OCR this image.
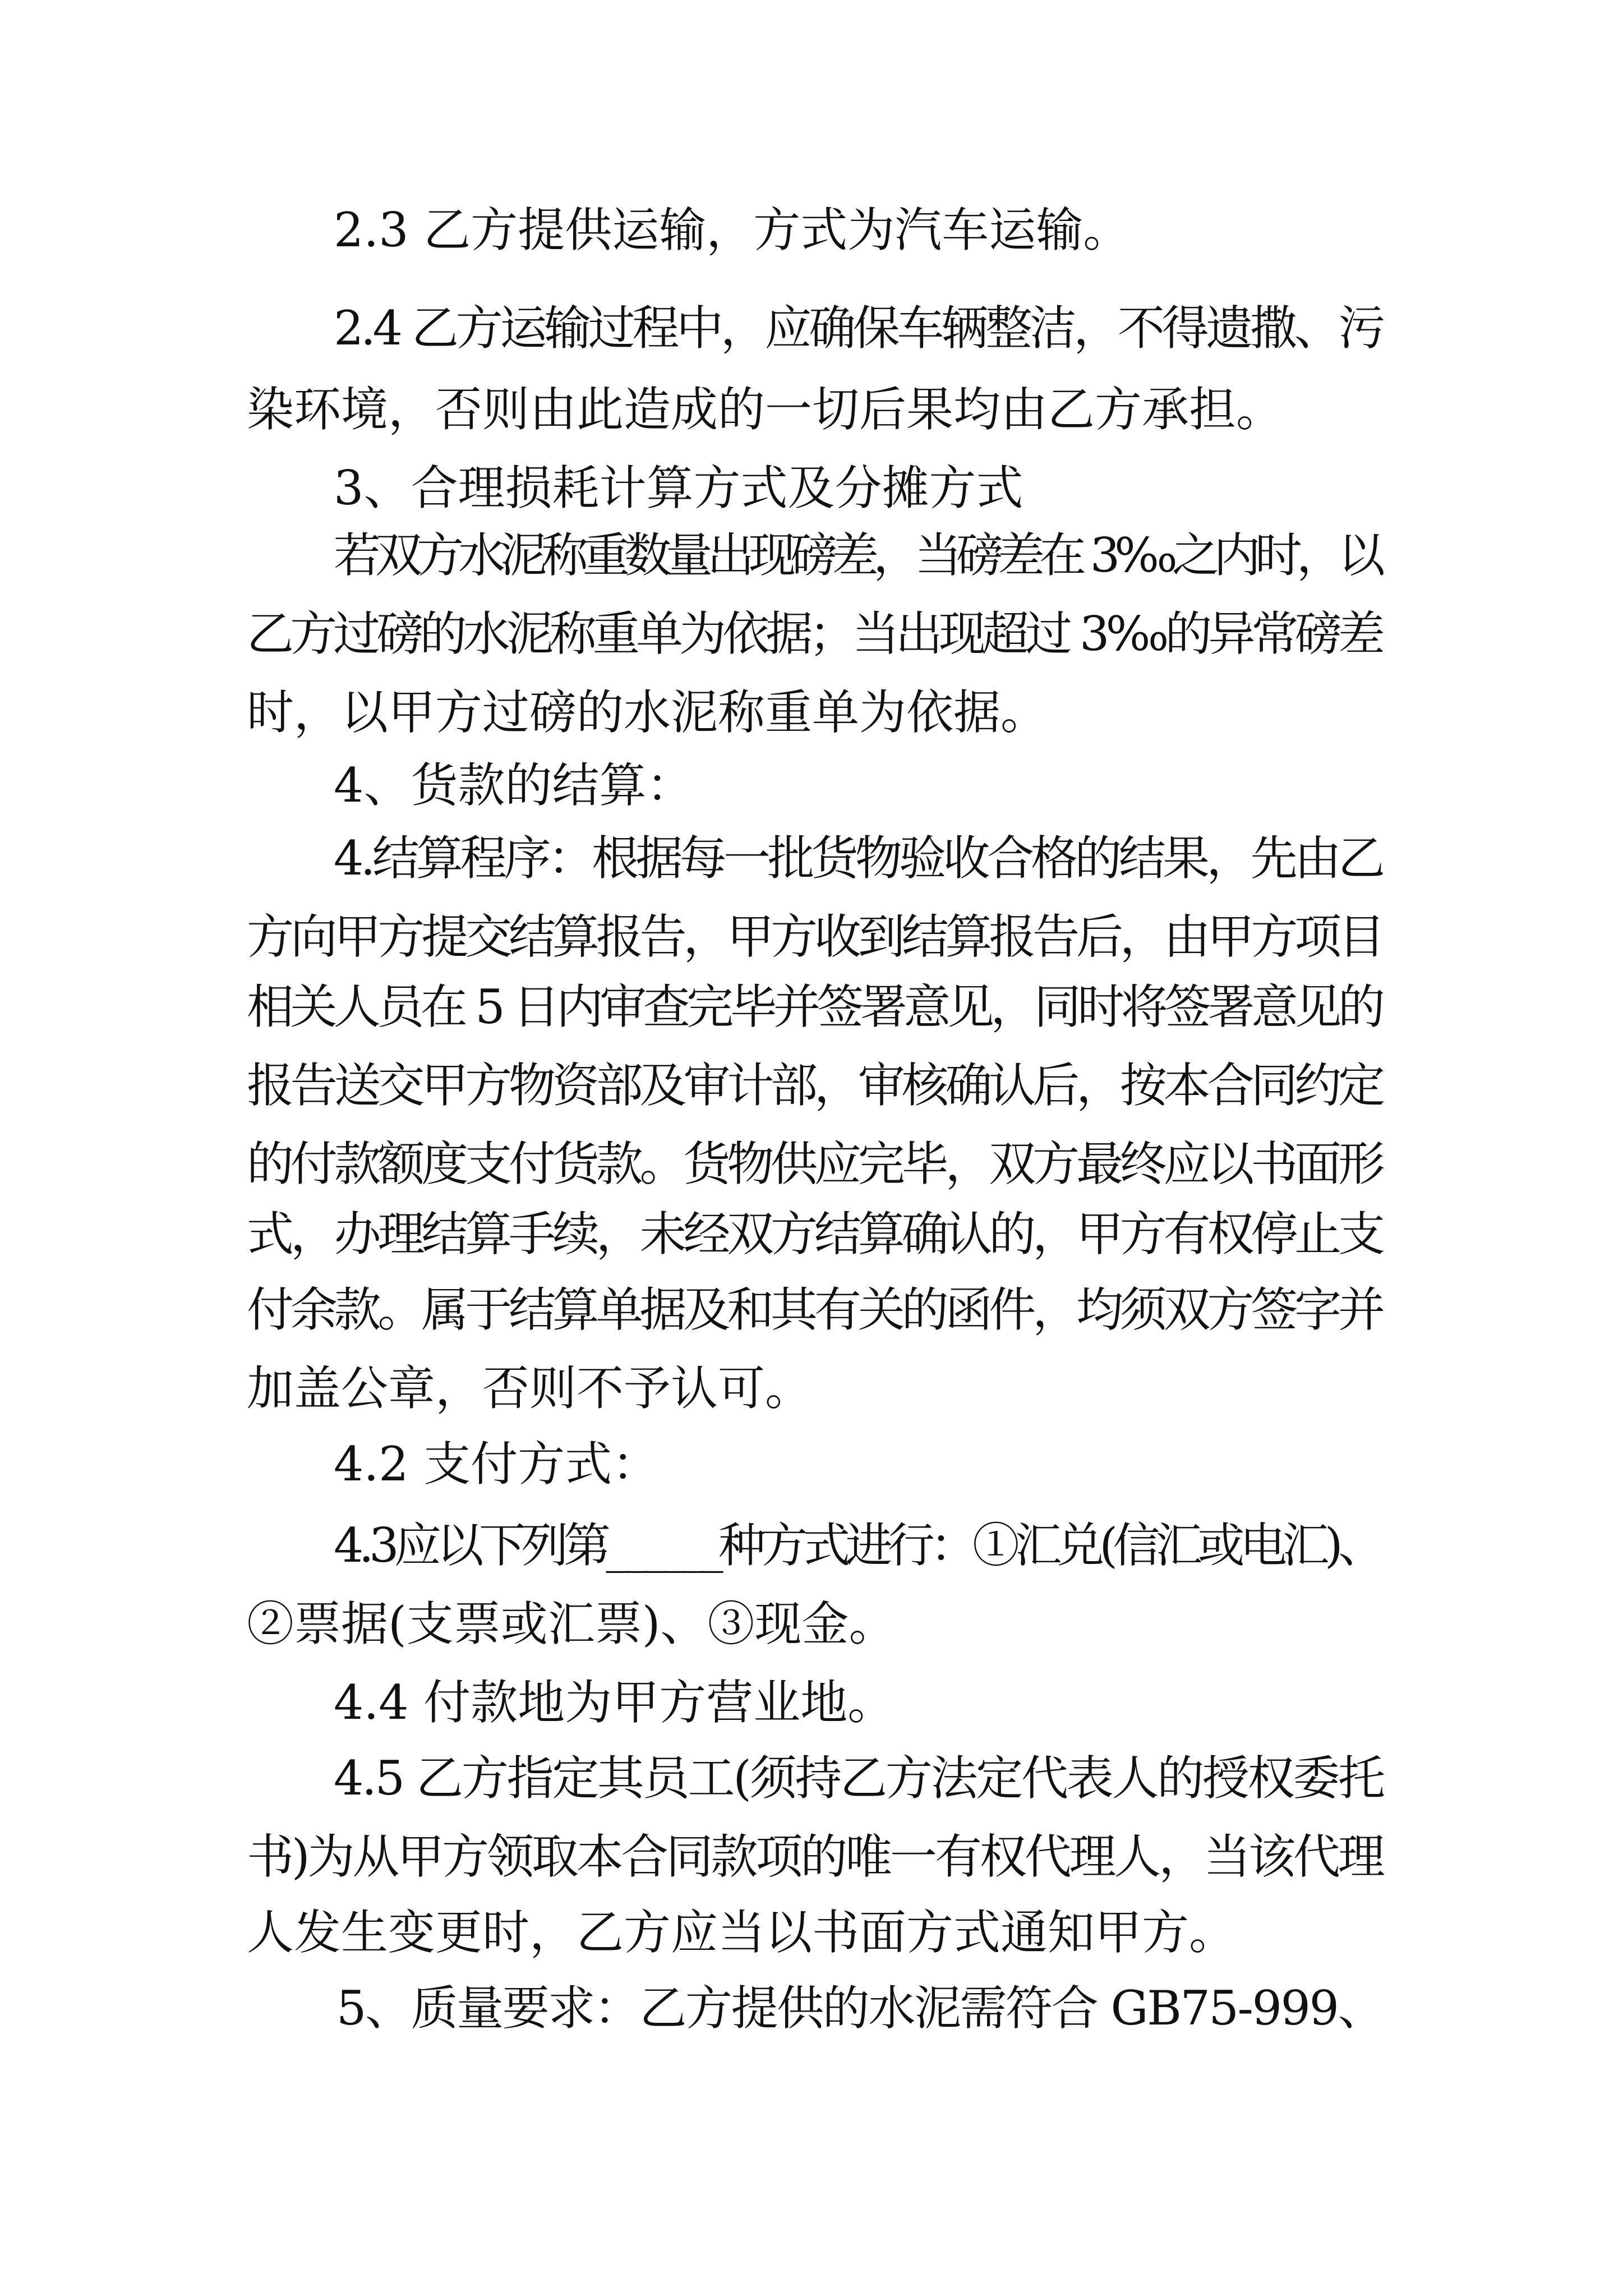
2.3 乙方提供运输，方式为汽车运输。
2.4 乙方运输过程中，应确保车辆整洁，不得遗撒、污
染环境，否则由此造成的一切后果均由乙方承担。
3、合理损耗计算方式及分摊方式
若双方水泥称重数量出现磅差，当磅差在 3‰之内时，以
乙方过磅的水泥称重单为依据；当出现超过 3‰的异常磅差
时，以甲方过磅的水泥称重单为依据。
4、货款的结算：
4.结算程序：根据每一批货物验收合格的结果，先由乙
方向甲方提交结算报告，甲方收到结算报告后，由甲方项目
相关人员在 5 日内审查完毕并签署意见，同时将签署意见的
报告送交甲方物资部及审计部，审核确认后，按本合同约定
的付款额度支付货款。货物供应完毕，双方最终应以书面形
式，办理结算手续，未经双方结算确认的，甲方有权停止支
付余款。属于结算单据及和其有关的函件，均须双方签字并
加盖公章，否则不予认可。
4.2 支付方式：
4.3应以下列第______种方式进行：①汇兑(信汇或电汇)、
②票据(支票或汇票)、③现金。
4.4 付款地为甲方营业地。
4.5 乙方指定其员工(须持乙方法定代表人的授权委托
书)为从甲方领取本合同款项的唯一有权代理人，当该代理
人发生变更时，乙方应当以书面方式通知甲方。
5、质量要求：乙方提供的水泥需符合 GB75-999、
